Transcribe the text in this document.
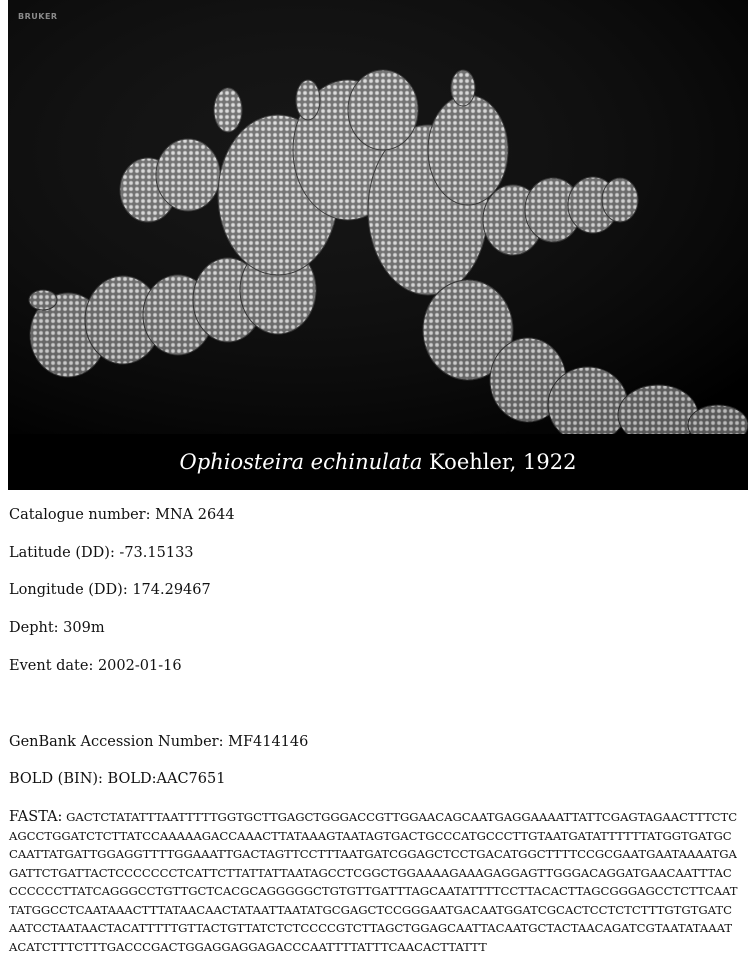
BRUKER
Ophiosteira echinulata Koehler, 1922
Catalogue number: MNA 2644
Latitude (DD): -73.15133
Longitude (DD): 174.29467
Depht: 309m
Event date: 2002-01-16
GenBank Accession Number: MF414146
BOLD (BIN): BOLD:AAC7651

FASTA: GACTCTATATTTAATTTTTGGTGCTTGAGCTGGGACCGTTGGAACAGCAATGAGGAAAATTATTCGAGTAGAACTTTCTCAGCCTGGATCTCTTATCCAAAAAGACCAAACTTATAAAGTAATAGTGACTGCCCATGCCCTTGTAATGATATTTTTTATGGTGATGCCAATTATGATTGGAGGTTTTGGAAATTGACTAGTTCCTTTAATGATCGGAGCTCCTGACATGGCTTTTCCGCGAATGAATAAAATGAGATTCTGATTACTCCCCCCCTCATTCTTATTATTAATAGCCTCGGCTGGAAAAGAAAGAGGAGTTGGGACAGGATGAACAATTTACCCCCCCTTATCAGGGCCTGTTGCTCACGCAGGGGGCTGTGTTGATTTAGCAATATTTTCCTTACACTTAGCGGGAGCCTCTTCAATTATGGCCTCAATAAACTTTATAACAACTATAATTAATATGCGAGCTCCGGGAATGACAATGGATCGCACTCCTCTCTTTGTGTGATCAATCCTAATAACTACATTTTTGTTACTGTTATCTCTCCCCGTCTTAGCTGGAGCAATTACAATGCTACTAACAGATCGTAATATAAATACATCTTTCTTTGACCCGACTGGAGGAGGAGACCCAATTTTATTTCAACACTTATTT
